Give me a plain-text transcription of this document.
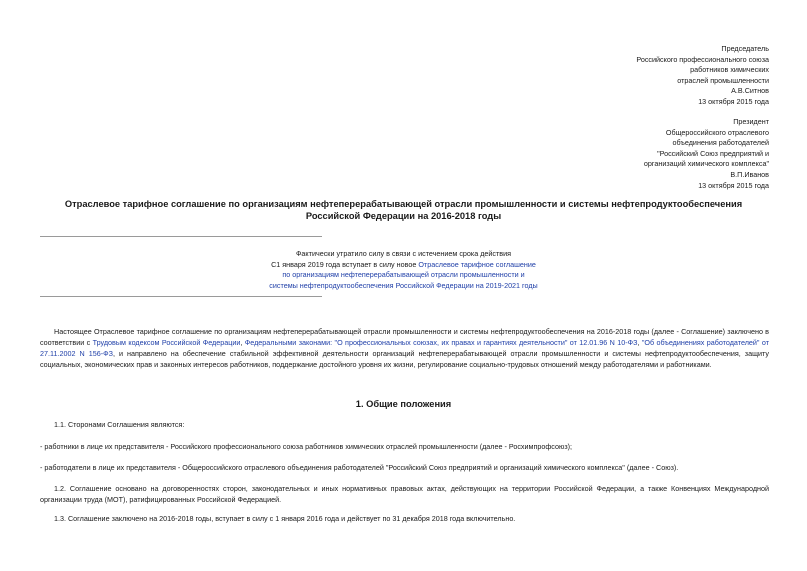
Председатель
Российского профессионального союза
работников химических
отраслей промышленности
А.В.Ситнов
13 октября 2015 года
Президент
Общероссийского отраслевого
объединения работодателей
"Российский Союз предприятий и
организаций химического комплекса"
В.П.Иванов
13 октября 2015 года
Отраслевое тарифное соглашение по организациям нефтеперерабатывающей отрасли промышленности и системы нефтепродуктообеспечения Российской Федерации на 2016-2018 годы
Фактически утратило силу в связи с истечением срока действия
С1 января 2019 года вступает в силу новое Отраслевое тарифное соглашение
по организациям нефтеперерабатывающей отрасли промышленности и
системы нефтепродуктообеспечения Российской Федерации на 2019-2021 годы
Настоящее Отраслевое тарифное соглашение по организациям нефтеперерабатывающей отрасли промышленности и системы нефтепродуктообеспечения на 2016-2018 годы (далее - Соглашение) заключено в соответствии с Трудовым кодексом Российской Федерации, Федеральными законами: "О профессиональных союзах, их правах и гарантиях деятельности" от 12.01.96 N 10-ФЗ, "Об объединениях работодателей" от 27.11.2002 N 156-ФЗ, и направлено на обеспечение стабильной эффективной деятельности организаций нефтеперерабатывающей отрасли промышленности и системы нефтепродуктообеспечения, защиту социальных, экономических прав и законных интересов работников, поддержание достойного уровня их жизни, регулирование социально-трудовых отношений между работодателями и работниками.
1. Общие положения
1.1. Сторонами Соглашения являются:
- работники в лице их представителя - Российского профессионального союза работников химических отраслей промышленности (далее - Росхимпрофсоюз);
- работодатели в лице их представителя - Общероссийского отраслевого объединения работодателей "Российский Союз предприятий и организаций химического комплекса" (далее - Союз).
1.2. Соглашение основано на договоренностях сторон, законодательных и иных нормативных правовых актах, действующих на территории Российской Федерации, а также Конвенциях Международной организации труда (МОТ), ратифицированных Российской Федерацией.
1.3. Соглашение заключено на 2016-2018 годы, вступает в силу с 1 января 2016 года и действует по 31 декабря 2018 года включительно.
